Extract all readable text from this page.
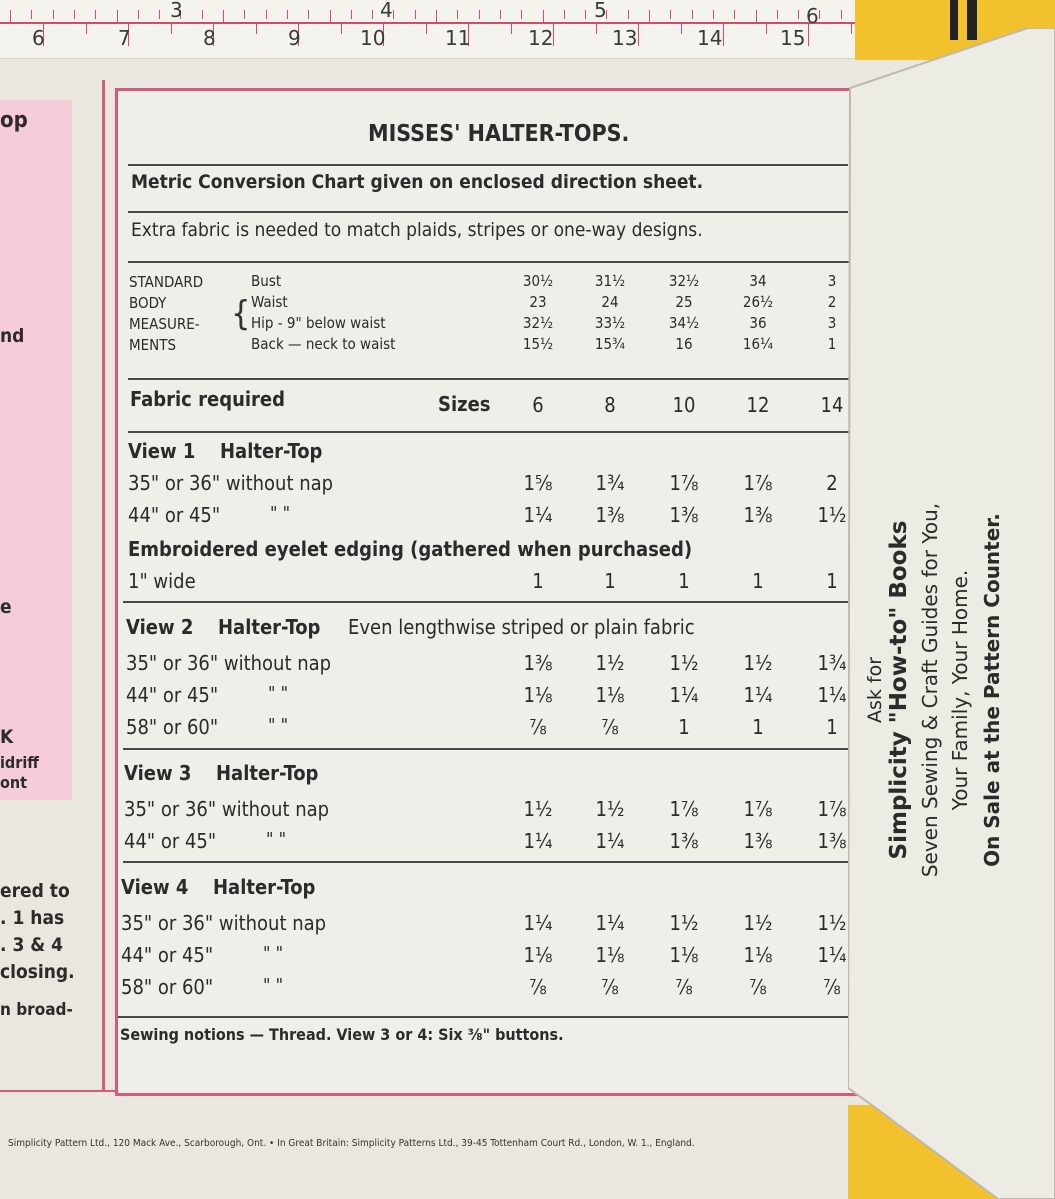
3	4	5	6
6	7	8	9	10	11	12	13	14	15
op
nd
e
K
idriff
ont
ered to
. 1 has
. 3 & 4
closing.
n broad-
MISSES' HALTER-TOPS.
Metric Conversion Chart given on enclosed direction sheet.
Extra fabric is needed to match plaids, stripes or one-way designs.
STANDARD
BODY
MEASURE-
MENTS
{
Bust	30½	31½	32½	34	3
Waist	23	24	25	26½	2
Hip - 9" below waist	32½	33½	34½	36	3
Back — neck to waist	15½	15¾	16	16¼	1
Fabric required	Sizes	6	8	10	12	14
View 1 Halter-Top
35" or 36" without nap	1⅝	1¾	1⅞	1⅞	2
44" or 45"	" "	1¼	1⅜	1⅜	1⅜	1½
Embroidered eyelet edging (gathered when purchased)
1" wide	1	1	1	1	1
View 2 Halter-Top Even lengthwise striped or plain fabric
35" or 36" without nap	1⅜	1½	1½	1½	1¾
44" or 45"	" "	1⅛	1⅛	1¼	1¼	1¼
58" or 60"	" "	⅞	⅞	1	1	1
View 3 Halter-Top
35" or 36" without nap	1½	1½	1⅞	1⅞	1⅞
44" or 45"	" "	1¼	1¼	1⅜	1⅜	1⅜
View 4 Halter-Top
35" or 36" without nap	1¼	1¼	1½	1½	1½
44" or 45"	" "	1⅛	1⅛	1⅛	1⅛	1¼
58" or 60"	" "	⅞	⅞	⅞	⅞	⅞
Sewing notions — Thread. View 3 or 4: Six ⅜" buttons.
Ask for Simplicity "How-to" Books Seven Sewing & Craft Guides for You, Your Family, Your Home. On Sale at the Pattern Counter.
Simplicity Pattern Ltd., 120 Mack Ave., Scarborough, Ont. • In Great Britain: Simplicity Patterns Ltd., 39-45 Tottenham Court Rd., London, W. 1., England.
